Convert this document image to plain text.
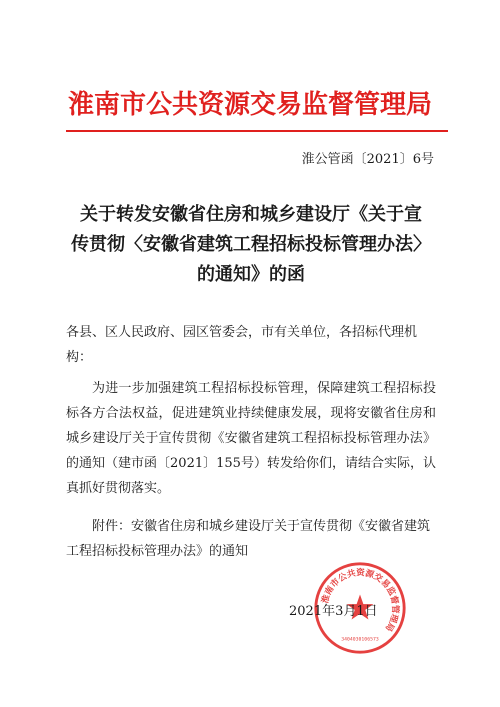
淮南市公共资源交易监督管理局
淮公管函〔2021〕6号
关于转发安徽省住房和城乡建设厅《关于宣
传贯彻〈安徽省建筑工程招标投标管理办法〉
的通知》的函
各县、区人民政府、园区管委会，市有关单位，各招标代理机构：
为进一步加强建筑工程招标投标管理，保障建筑工程招标投标各方合法权益，促进建筑业持续健康发展，现将安徽省住房和城乡建设厅关于宣传贯彻《安徽省建筑工程招标投标管理办法》的通知（建市函〔2021〕155号）转发给你们，请结合实际，认真抓好贯彻落实。
附件：安徽省住房和城乡建设厅关于宣传贯彻《安徽省建筑工程招标投标管理办法》的通知
淮南市公共资源交易监督管理局
3404030106573
2021年3月1日
